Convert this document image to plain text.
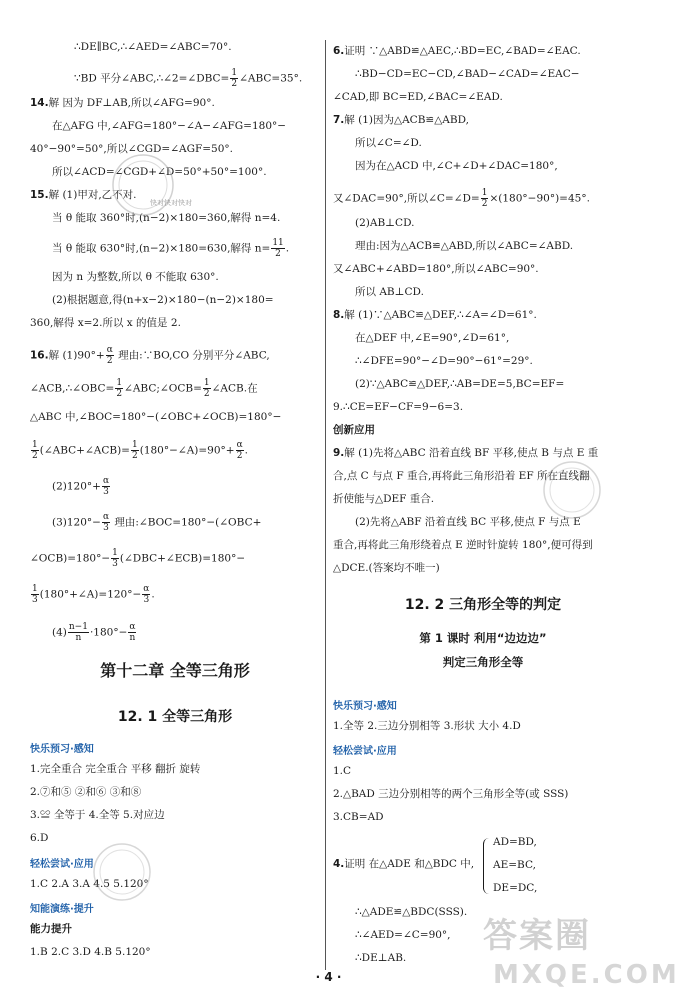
∴DE∥BC,∴∠AED=∠ABC=70°.
∵BD 平分∠ABC,∴∠2=∠DBC= $\frac{1}{2}$ ∠ABC=35°.
14.解 因为 DF⊥AB,所以∠AFG=90°.
在△AFG 中,∠AFG=180°−∠A−∠AFG=180°−
40°−90°=50°,所以∠CGD=∠AGF=50°.
所以∠ACD=∠CGD+∠D=50°+50°=100°.
15.解 (1)甲对,乙不对.
当 θ 能取 360°时,(n−2)×180=360,解得 n=4.
当 θ 能取 630°时,(n−2)×180=630,解得 $n= \frac{11}{2}$ .
因为 n 为整数,所以 θ 不能取 630°.
(2)根据题意,得(n+x−2)×180−(n−2)×180=
360,解得 x=2.所以 x 的值是 2.
16.解 $(1)90^\circ+ \frac{\alpha}{2}$ 理由:∵BO,CO 分别平分∠ABC,
∠ACB,∴∠OBC= $\frac{1}{2}$ ∠ABC;∠OCB= $\frac{1}{2}$ ∠ACB.在
△ABC 中,∠BOC=180°−(∠OBC+∠OCB)=180°−
$\frac{1}{2}$ (∠ABC+∠ACB)= $\frac{1}{2}$ (180°−∠A)=90°+ $\frac{\alpha}{2}$ .
$(2)120^\circ+ \frac{\alpha}{3}$
$(3)120^\circ- \frac{\alpha}{3}$ 理由:∠BOC=180°−(∠OBC+
∠OCB)=180°− $\frac{1}{3}$ (∠DBC+∠ECB)=180°−
$\frac{1}{3}$ (180°+∠A)=120°− $\frac{\alpha}{3}$ .
$(4) \frac{n-1}{n} \cdot 180^\circ- \frac{\alpha}{n}$
第十二章 全等三角形
12. 1 全等三角形
快乐预习·感知
1.完全重合 完全重合 平移 翻折 旋转
2.⑦和⑤ ②和⑥ ③和⑧
3.≌ 全等于 4.全等 5.对应边
6.D
轻松尝试·应用
1.C 2.A 3.A 4.5 5.120°
知能演练·提升
能力提升
1.B 2.C 3.D 4.B 5.120°
6.证明 ∵△ABD≌△AEC,∴BD=EC,∠BAD=∠EAC.
∴BD−CD=EC−CD,∠BAD−∠CAD=∠EAC−
∠CAD,即 BC=ED,∠BAC=∠EAD.
7.解 (1)因为△ACB≌△ABD,
所以∠C=∠D.
因为在△ACD 中,∠C+∠D+∠DAC=180°,
又∠DAC=90°,所以∠C=∠D= $\frac{1}{2} \times(180^\circ-90^\circ)=45^\circ$.
(2)AB⊥CD.
理由:因为△ACB≌△ABD,所以∠ABC=∠ABD.
又∠ABC+∠ABD=180°,所以∠ABC=90°.
所以 AB⊥CD.
8.解 (1)∵△ABC≌△DEF,∴∠A=∠D=61°.
在△DEF 中,∠E=90°,∠D=61°,
∴∠DFE=90°−∠D=90°−61°=29°.
(2)∵△ABC≌△DEF,∴AB=DE=5,BC=EF=
9.∴CE=EF−CF=9−6=3.
创新应用
9.解 (1)先将△ABC 沿着直线 BF 平移,使点 B 与点 E 重
合,点 C 与点 F 重合,再将此三角形沿着 EF 所在直线翻
折使能与△DEF 重合.
(2)先将△ABF 沿着直线 BC 平移,使点 F 与点 E
重合,再将此三角形绕着点 E 逆时针旋转 180°,便可得到
△DCE.(答案均不唯一)
12. 2 三角形全等的判定
第 1 课时 利用“边边边”
判定三角形全等
快乐预习·感知
1.全等 2.三边分别相等 3.形状 大小 4.D
轻松尝试·应用
1.C
2.△BAD 三边分别相等的两个三角形全等(或 SSS)
3.CB=AD
4.证明 在△ADE 和△BDC 中,
AD=BD,
AE=BC,
DE=DC,
∴△ADE≌△BDC(SSS).
∴∠AED=∠C=90°,
∴DE⊥AB.
快对快对快对
答案圈
MXQE.COM
· 4 ·
